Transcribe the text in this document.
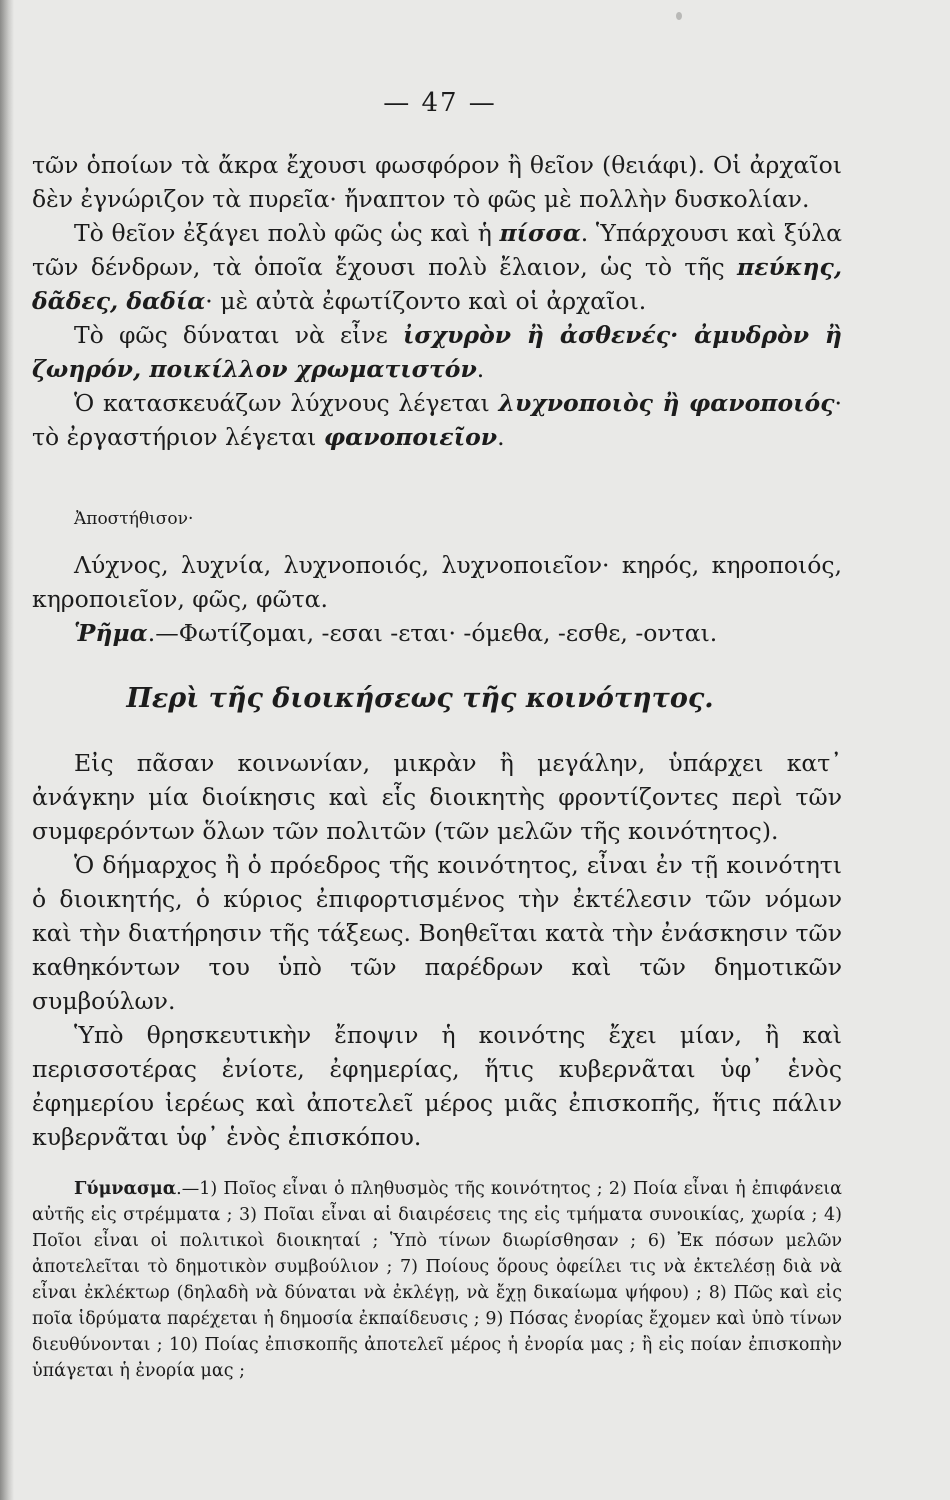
— 47 —

τῶν ὁποίων τὰ ἄκρα ἔχουσι φωσφόρον ἢ θεῖον (θειάφι). Οἱ ἀρχαῖοι δὲν ἐγνώριζον τὰ πυρεῖα· ἤναπτον τὸ φῶς μὲ πολλὴν δυσκολίαν.

Τὸ θεῖον ἐξάγει πολὺ φῶς ὡς καὶ ἡ πίσσα. Ὑπάρχουσι καὶ ξύλα τῶν δένδρων, τὰ ὁποῖα ἔχουσι πολὺ ἔλαιον, ὡς τὸ τῆς πεύκης, δᾶδες, δαδία· μὲ αὐτὰ ἐφωτίζοντο καὶ οἱ ἀρχαῖοι.

Τὸ φῶς δύναται νὰ εἶνε ἰσχυρὸν ἢ ἀσθενές· ἀμυδρὸν ἢ ζωηρόν, ποικίλλον χρωματιστόν.

Ὁ κατασκευάζων λύχνους λέγεται λυχνοποιὸς ἢ φανοποιός· τὸ ἐργαστήριον λέγεται φανοποιεῖον.

Ἀποστήθισον·

Λύχνος, λυχνία, λυχνοποιός, λυχνοποιεῖον· κηρός, κηροποιός, κηροποιεῖον, φῶς, φῶτα.

Ῥῆμα.—Φωτίζομαι, -εσαι -εται· -όμεθα, -εσθε, -ονται.

Περὶ τῆς διοικήσεως τῆς κοινότητος.

Εἰς πᾶσαν κοινωνίαν, μικρὰν ἢ μεγάλην, ὑπάρχει κατ᾽ ἀνάγκην μία διοίκησις καὶ εἷς διοικητὴς φροντίζοντες περὶ τῶν συμφερόντων ὅλων τῶν πολιτῶν (τῶν μελῶν τῆς κοινότητος).

Ὁ δήμαρχος ἢ ὁ πρόεδρος τῆς κοινότητος, εἶναι ἐν τῇ κοινότητι ὁ διοικητής, ὁ κύριος ἐπιφορτισμένος τὴν ἐκτέλεσιν τῶν νόμων καὶ τὴν διατήρησιν τῆς τάξεως. Βοηθεῖται κατὰ τὴν ἐνάσκησιν τῶν καθηκόντων του ὑπὸ τῶν παρέδρων καὶ τῶν δημοτικῶν συμβούλων.

Ὑπὸ θρησκευτικὴν ἔποψιν ἡ κοινότης ἔχει μίαν, ἢ καὶ περισσοτέρας ἐνίοτε, ἐφημερίας, ἥτις κυβερνᾶται ὑφ᾽ ἑνὸς ἐφημερίου ἱερέως καὶ ἀποτελεῖ μέρος μιᾶς ἐπισκοπῆς, ἥτις πάλιν κυβερνᾶται ὑφ᾽ ἑνὸς ἐπισκόπου.

Γύμνασμα.—1) Ποῖος εἶναι ὁ πληθυσμὸς τῆς κοινότητος ; 2) Ποία εἶναι ἡ ἐπιφάνεια αὐτῆς εἰς στρέμματα ; 3) Ποῖαι εἶναι αἱ διαιρέσεις της εἰς τμήματα συνοικίας, χωρία ; 4) Ποῖοι εἶναι οἱ πολιτικοὶ διοικηταί ; Ὑπὸ τίνων διωρίσθησαν ; 6) Ἐκ πόσων μελῶν ἀποτελεῖται τὸ δημοτικὸν συμβούλιον ; 7) Ποίους ὅρους ὀφείλει τις νὰ ἐκτελέσῃ διὰ νὰ εἶναι ἐκλέκτωρ (δηλαδὴ νὰ δύναται νὰ ἐκλέγῃ, νὰ ἔχῃ δικαίωμα ψήφου) ; 8) Πῶς καὶ εἰς ποῖα ἱδρύματα παρέχεται ἡ δημοσία ἐκπαίδευσις ; 9) Πόσας ἐνορίας ἔχομεν καὶ ὑπὸ τίνων διευθύνονται ; 10) Ποίας ἐπισκοπῆς ἀποτελεῖ μέρος ἡ ἐνορία μας ; ἢ εἰς ποίαν ἐπισκοπὴν ὑπάγεται ἡ ἐνορία μας ;
